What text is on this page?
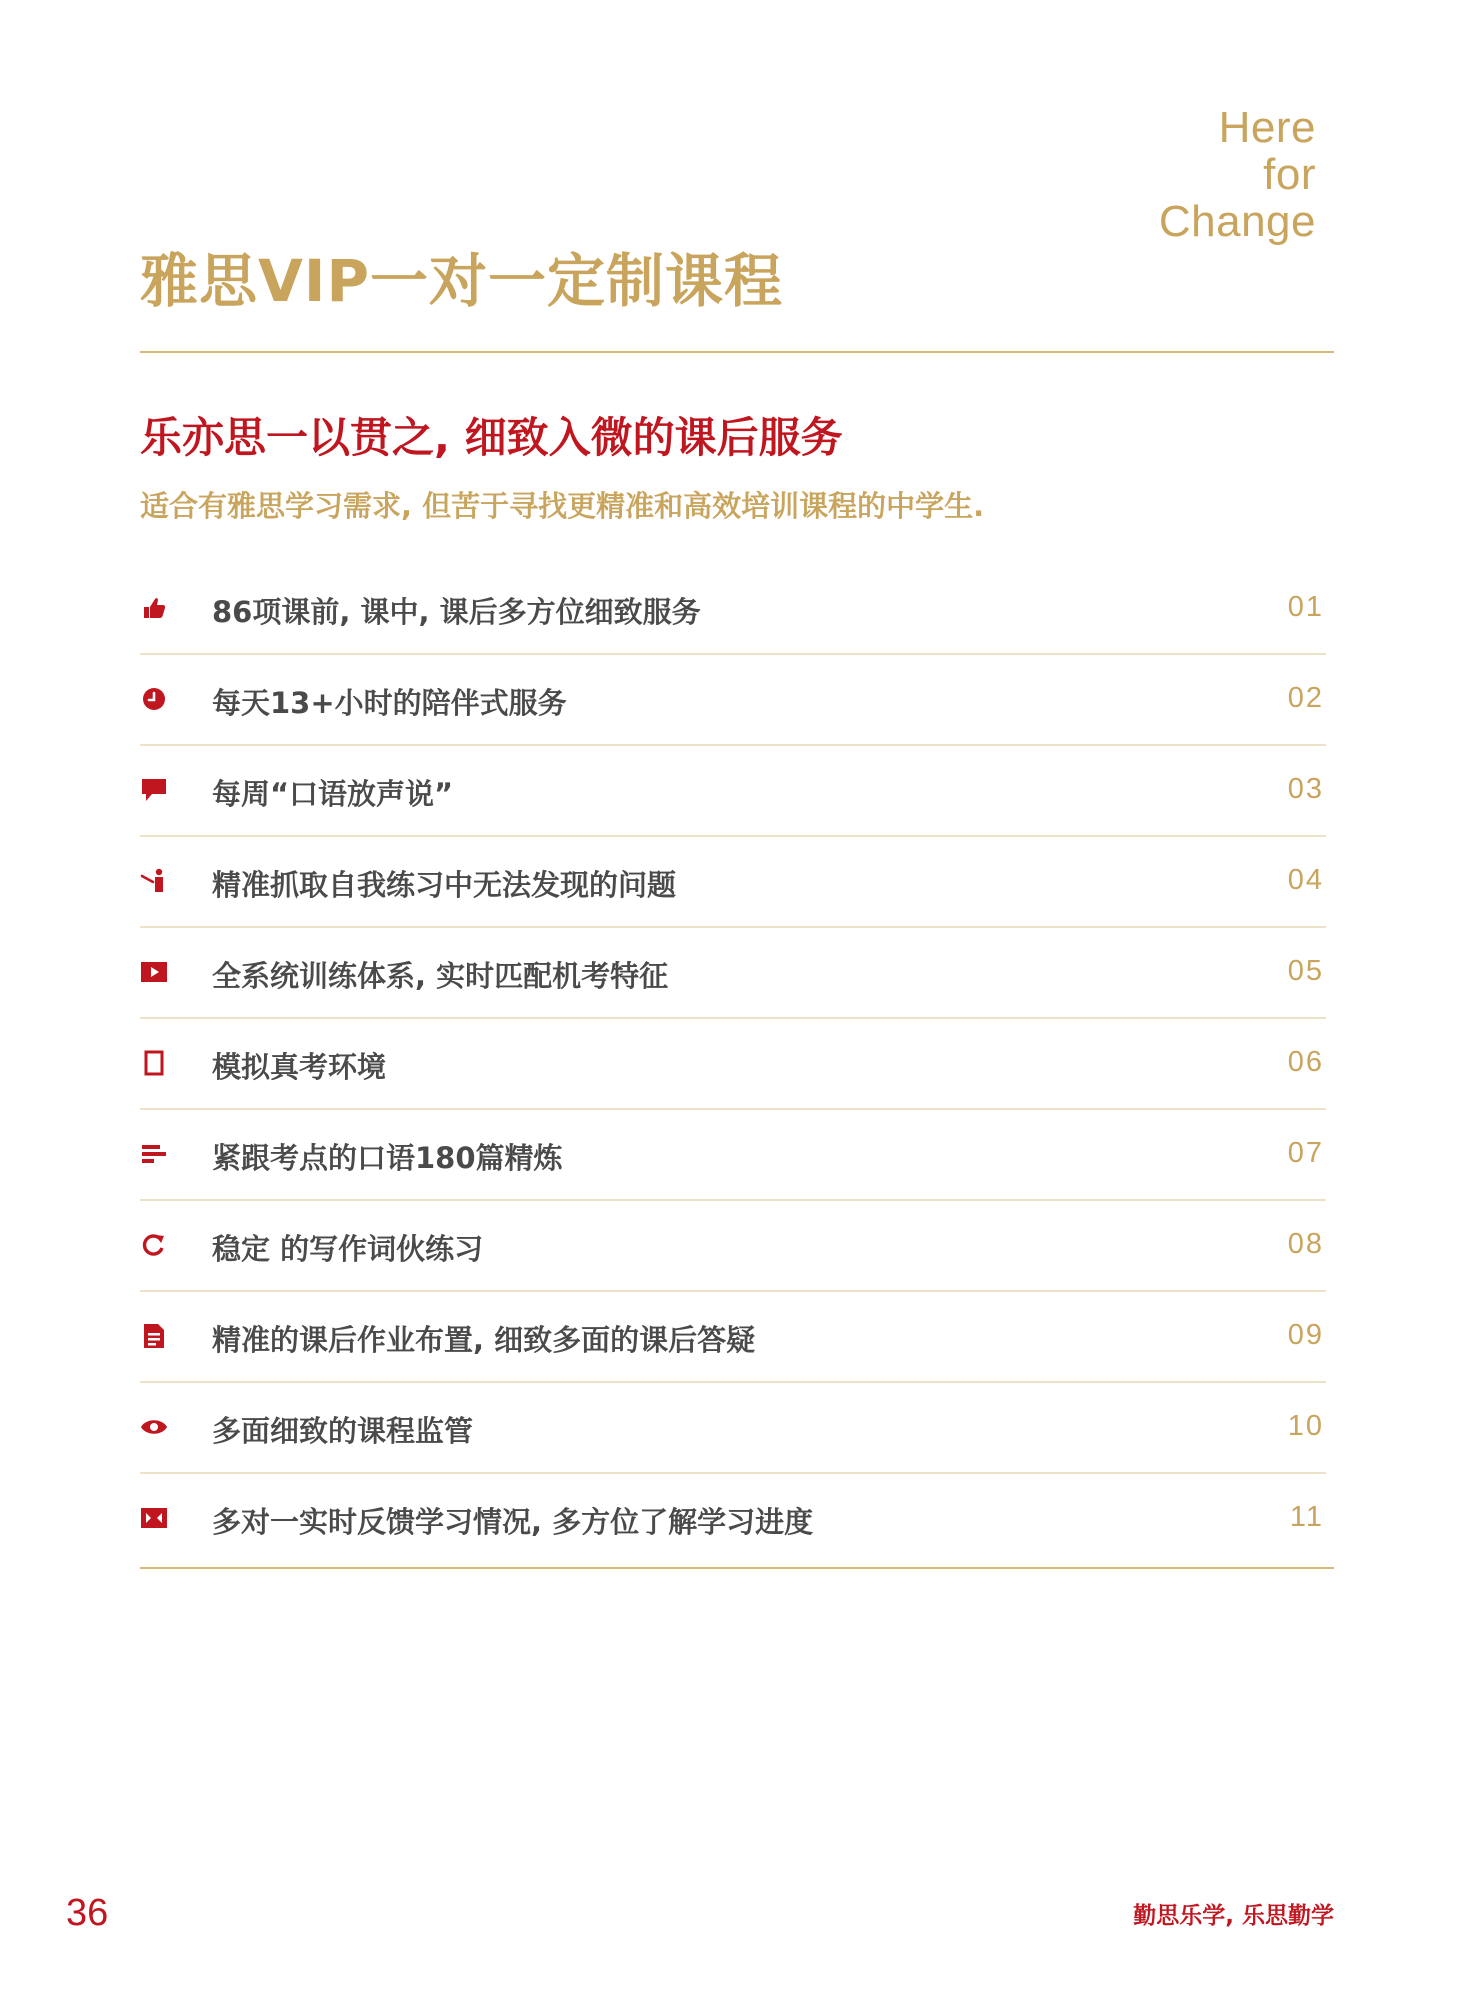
Here
for
Change
雅思VIP一对一定制课程
乐亦思一以贯之, 细致入微的课后服务
适合有雅思学习需求, 但苦于寻找更精准和高效培训课程的中学生.
86项课前, 课中, 课后多方位细致服务	01
每天13+小时的陪伴式服务	02
每周“口语放声说”	03
精准抓取自我练习中无法发现的问题	04
全系统训练体系, 实时匹配机考特征	05
模拟真考环境	06
紧跟考点的口语180篇精炼	07
稳定 的写作词伙练习	08
精准的课后作业布置, 细致多面的课后答疑	09
多面细致的课程监管	10
多对一实时反馈学习情况, 多方位了解学习进度	11
36	勤思乐学, 乐思勤学
